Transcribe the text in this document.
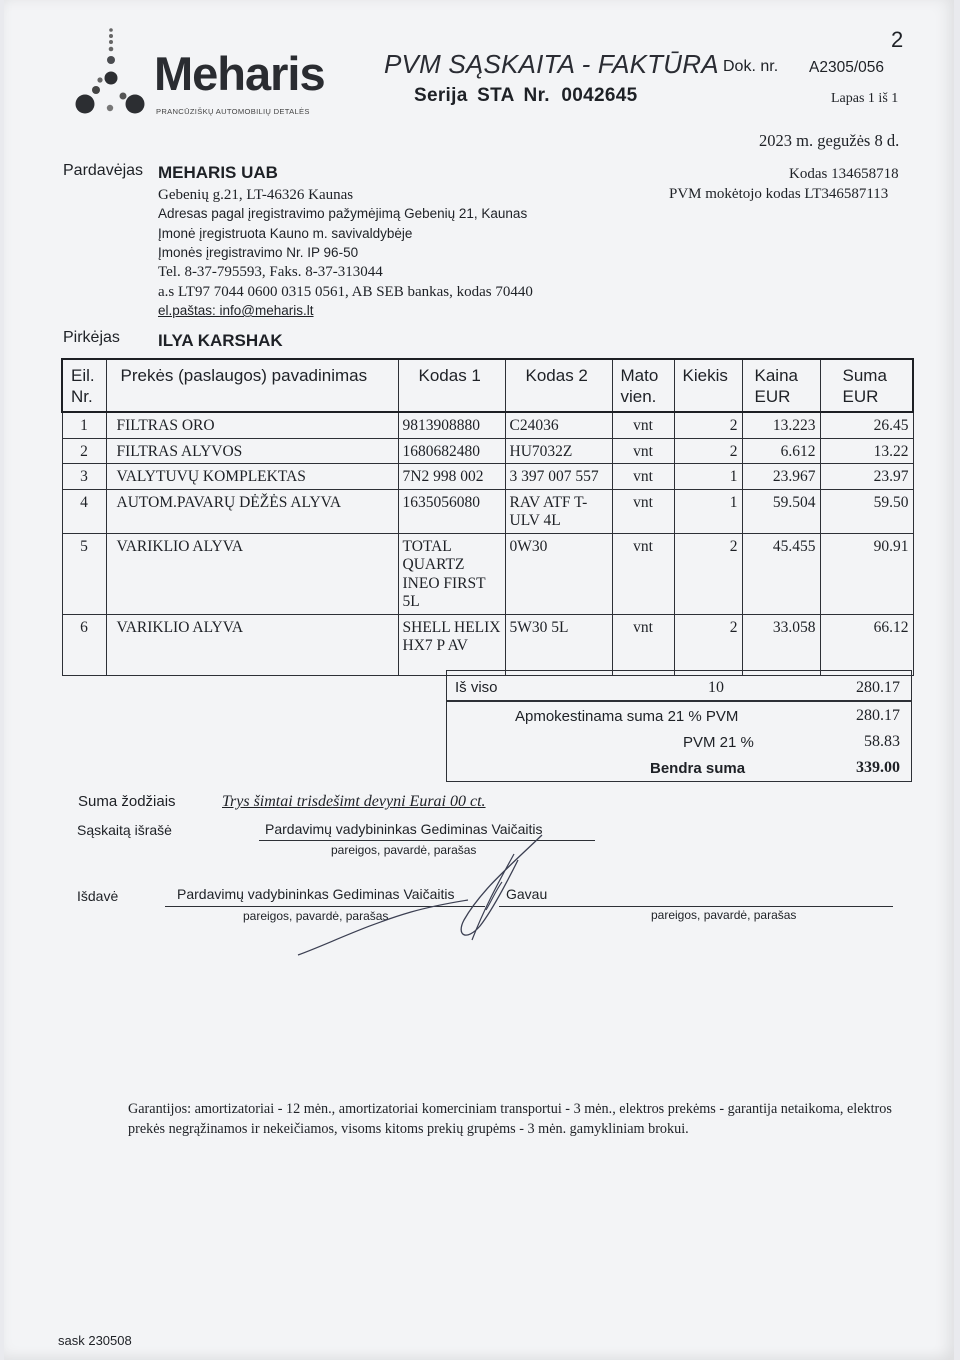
2
Meharis
PRANCŪZIŠKŲ AUTOMOBILIŲ DETALĖS
PVM SĄSKAITA - FAKTŪRA Dok. nr. A2305/056
Serija STA Nr. 0042645	Lapas 1 iš 1
2023 m. gegužės 8 d.
Pardavėjas MEHARIS UAB
Gebenių g.21, LT-46326 Kaunas
Adresas pagal įregistravimo pažymėjimą Gebenių 21, Kaunas
Įmonė įregistruota Kauno m. savivaldybėje
Įmonės įregistravimo Nr. IP 96-50
Tel. 8-37-795593, Faks. 8-37-313044
a.s LT97 7044 0600 0315 0561, AB SEB bankas, kodas 70440
el.paštas: info@meharis.lt
Kodas 134658718
PVM mokėtojo kodas LT346587113
Pirkėjas ILYA KARSHAK
Eil. Nr.	Prekės (paslaugos) pavadinimas	Kodas 1	Kodas 2	Mato vien.	Kiekis	Kaina EUR	Suma EUR
1	FILTRAS ORO	9813908880	C24036	vnt	2	13.223	26.45
2	FILTRAS ALYVOS	1680682480	HU7032Z	vnt	2	6.612	13.22
3	VALYTUVŲ KOMPLEKTAS	7N2 998 002	3 397 007 557	vnt	1	23.967	23.97
4	AUTOM.PAVARŲ DĖŽĖS ALYVA	1635056080	RAV ATF T-ULV 4L	vnt	1	59.504	59.50
5	VARIKLIO ALYVA	TOTAL QUARTZ INEO FIRST 5L	0W30	vnt	2	45.455	90.91
6	VARIKLIO ALYVA	SHELL HELIX HX7 P AV	5W30 5L	vnt	2	33.058	66.12
Iš viso	10	280.17
Apmokestinama suma 21 % PVM	280.17
PVM 21 %	58.83
Bendra suma	339.00
Suma žodžiais	Trys šimtai trisdešimt devyni Eurai 00 ct.
Sąskaitą išrašė	Pardavimų vadybininkas Gediminas Vaičaitis
pareigos, pavardė, parašas
Išdavė	Pardavimų vadybininkas Gediminas Vaičaitis	Gavau
pareigos, pavardė, parašas	pareigos, pavardė, parašas
Garantijos: amortizatoriai - 12 mėn., amortizatoriai komerciniam transportui - 3 mėn., elektros prekėms - garantija netaikoma, elektros prekės negrąžinamos ir nekeičiamos, visoms kitoms prekių grupėms - 3 mėn. gamykliniam brokui.
sask 230508
